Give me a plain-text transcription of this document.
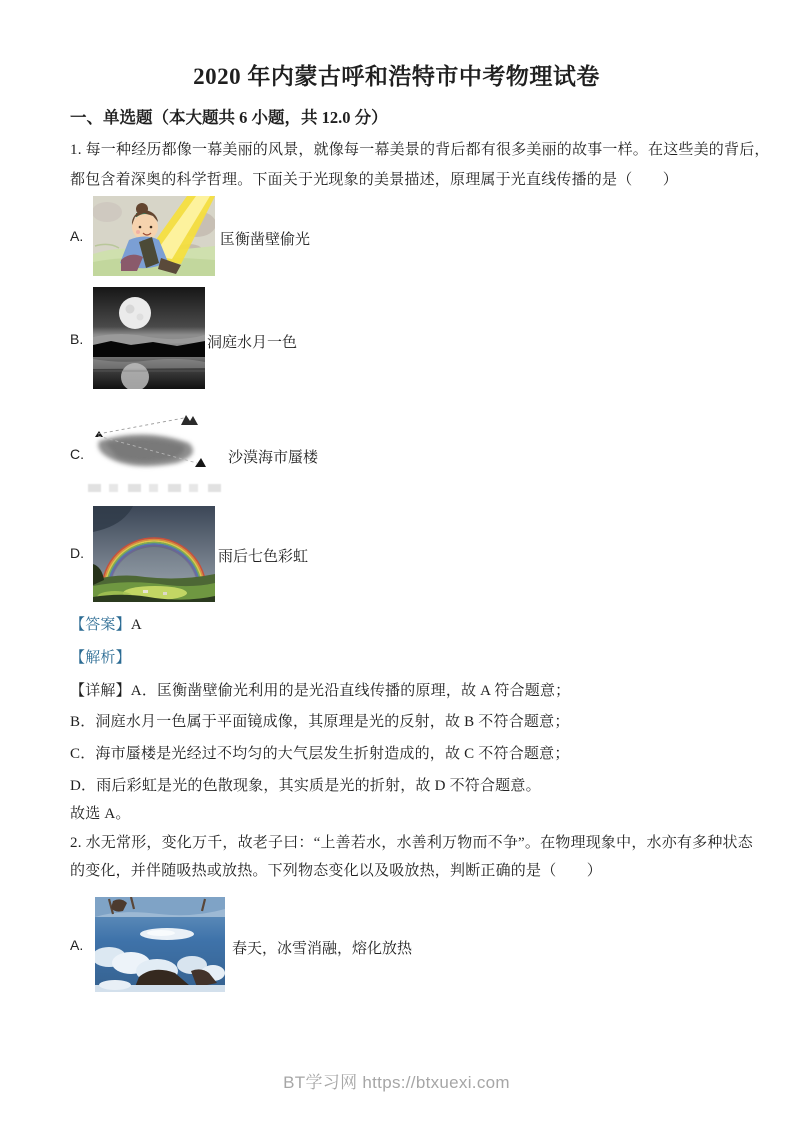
2020 年内蒙古呼和浩特市中考物理试卷
一、单选题（本大题共 6 小题，共 12.0 分）

1. 每一种经历都像一幕美丽的风景，就像每一幕美景的背后都有很多美丽的故事一样。在这些美的背后，

都包含着深奥的科学哲理。下面关于光现象的美景描述，原理属于光直线传播的是（　　）

A.	匡衡凿壁偷光
B.	洞庭水月一色
C.	沙漠海市蜃楼
D.	雨后七色彩虹

【答案】A

【解析】

【详解】A．匡衡凿壁偷光利用的是光沿直线传播的原理，故 A 符合题意；

B．洞庭水月一色属于平面镜成像，其原理是光的反射，故 B 不符合题意；

C．海市蜃楼是光经过不均匀的大气层发生折射造成的，故 C 不符合题意；

D．雨后彩虹是光的色散现象，其实质是光的折射，故 D 不符合题意。

故选 A。

2. 水无常形，变化万千，故老子曰：“上善若水，水善利万物而不争”。在物理现象中，水亦有多种状态

的变化，并伴随吸热或放热。下列物态变化以及吸放热，判断正确的是（　　）

A.	春天，冰雪消融，熔化放热
BT学习网 https://btxuexi.com
